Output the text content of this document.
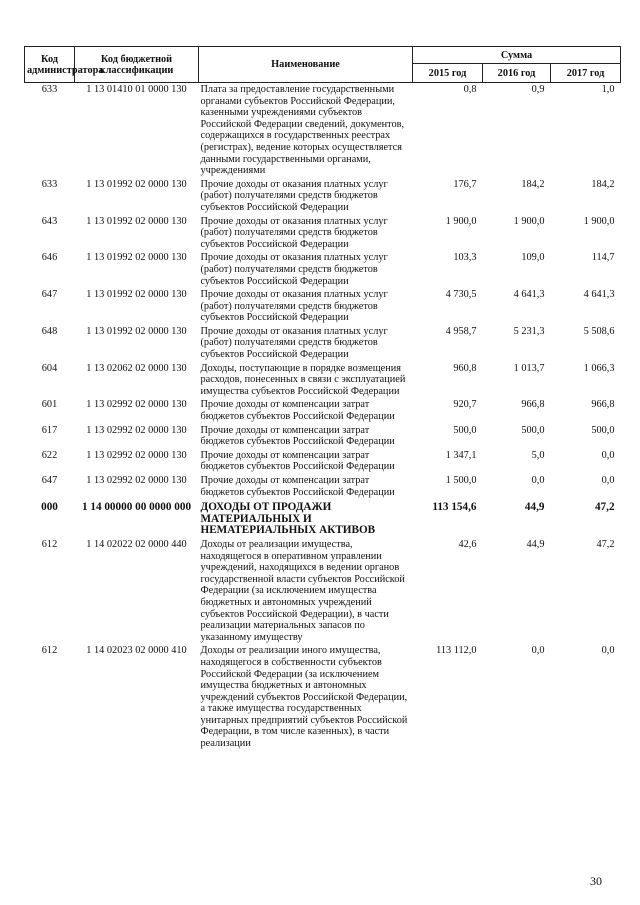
Код администратора	Код бюджетной классификации	Наименование	Сумма		
			2015 год	2016 год	2017 год
633	1 13 01410 01 0000 130	Плата за предоставление государственными органами субъектов Российской Федерации, казенными учреждениями субъектов Российской Федерации сведений, документов, содержащихся в государственных реестрах (регистрах), ведение которых осуществляется данными государственными органами, учреждениями	0,8	0,9	1,0
633	1 13 01992 02 0000 130	Прочие доходы от оказания платных услуг (работ) получателями средств бюджетов субъектов Российской Федерации	176,7	184,2	184,2
643	1 13 01992 02 0000 130	Прочие доходы от оказания платных услуг (работ) получателями средств бюджетов субъектов Российской Федерации	1 900,0	1 900,0	1 900,0
646	1 13 01992 02 0000 130	Прочие доходы от оказания платных услуг (работ) получателями средств бюджетов субъектов Российской Федерации	103,3	109,0	114,7
647	1 13 01992 02 0000 130	Прочие доходы от оказания платных услуг (работ) получателями средств бюджетов субъектов Российской Федерации	4 730,5	4 641,3	4 641,3
648	1 13 01992 02 0000 130	Прочие доходы от оказания платных услуг (работ) получателями средств бюджетов субъектов Российской Федерации	4 958,7	5 231,3	5 508,6
604	1 13 02062 02 0000 130	Доходы, поступающие в порядке возмещения расходов, понесенных в связи с эксплуатацией имущества субъектов Российской Федерации	960,8	1 013,7	1 066,3
601	1 13 02992 02 0000 130	Прочие доходы от компенсации затрат бюджетов субъектов Российской Федерации	920,7	966,8	966,8
617	1 13 02992 02 0000 130	Прочие доходы от компенсации затрат бюджетов субъектов Российской Федерации	500,0	500,0	500,0
622	1 13 02992 02 0000 130	Прочие доходы от компенсации затрат бюджетов субъектов Российской Федерации	1 347,1	5,0	0,0
647	1 13 02992 02 0000 130	Прочие доходы от компенсации затрат бюджетов субъектов Российской Федерации	1 500,0	0,0	0,0
000	1 14 00000 00 0000 000	ДОХОДЫ ОТ ПРОДАЖИ МАТЕРИАЛЬНЫХ И НЕМАТЕРИАЛЬНЫХ АКТИВОВ	113 154,6	44,9	47,2
612	1 14 02022 02 0000 440	Доходы от реализации имущества, находящегося в оперативном управлении учреждений, находящихся в ведении органов государственной власти субъектов Российской Федерации (за исключением имущества бюджетных и автономных учреждений субъектов Российской Федерации), в части реализации материальных запасов по указанному имуществу	42,6	44,9	47,2
612	1 14 02023 02 0000 410	Доходы от реализации иного имущества, находящегося в собственности субъектов Российской Федерации (за исключением имущества бюджетных и автономных учреждений субъектов Российской Федерации, а также имущества государственных унитарных предприятий субъектов Российской Федерации, в том числе казенных), в части реализации	113 112,0	0,0	0,0
30
